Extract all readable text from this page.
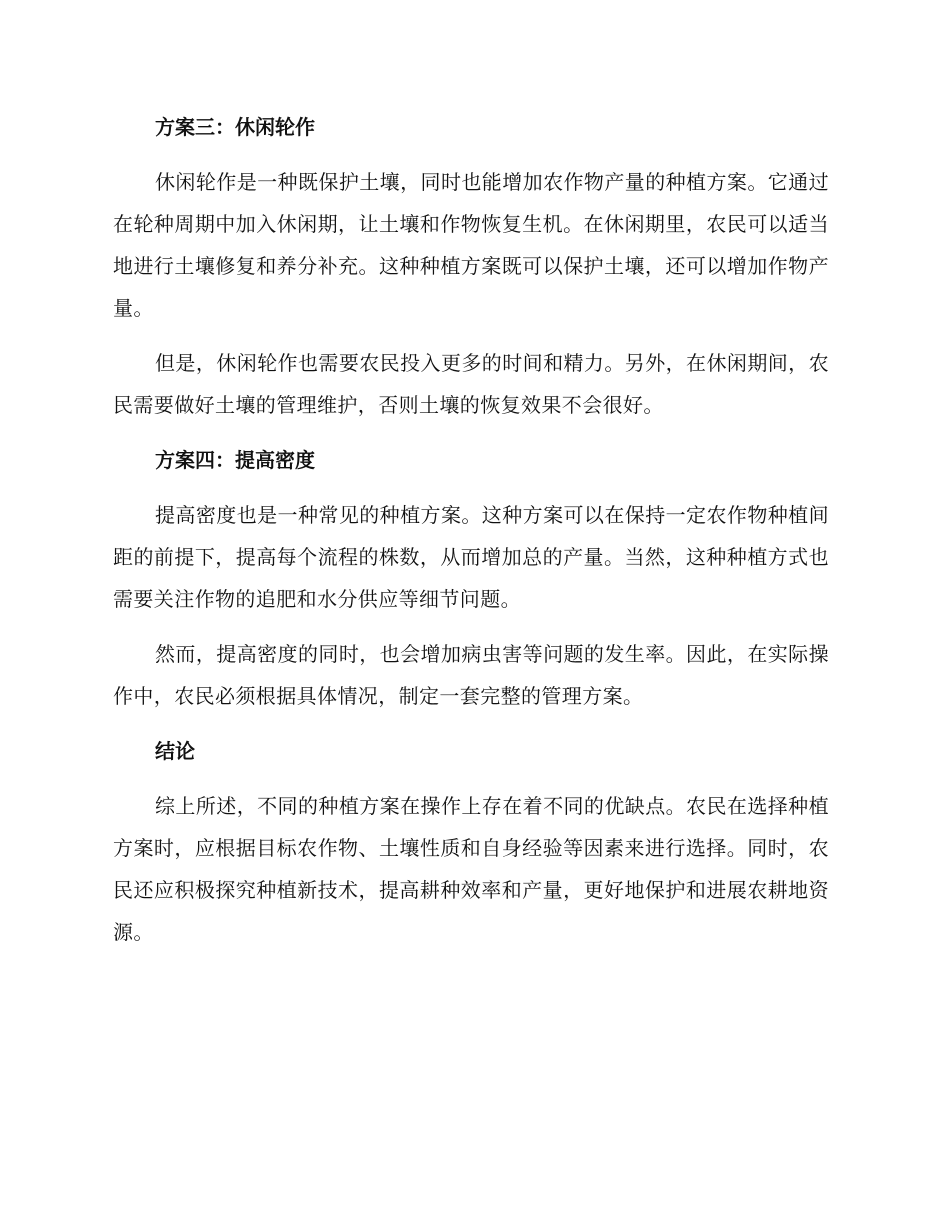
方案三：休闲轮作

休闲轮作是一种既保护土壤，同时也能增加农作物产量的种植方案。它通过在轮种周期中加入休闲期，让土壤和作物恢复生机。在休闲期里，农民可以适当地进行土壤修复和养分补充。这种种植方案既可以保护土壤，还可以增加作物产量。

但是，休闲轮作也需要农民投入更多的时间和精力。另外，在休闲期间，农民需要做好土壤的管理维护，否则土壤的恢复效果不会很好。

方案四：提高密度

提高密度也是一种常见的种植方案。这种方案可以在保持一定农作物种植间距的前提下，提高每个流程的株数，从而增加总的产量。当然，这种种植方式也需要关注作物的追肥和水分供应等细节问题。

然而，提高密度的同时，也会增加病虫害等问题的发生率。因此，在实际操作中，农民必须根据具体情况，制定一套完整的管理方案。

结论

综上所述，不同的种植方案在操作上存在着不同的优缺点。农民在选择种植方案时，应根据目标农作物、土壤性质和自身经验等因素来进行选择。同时，农民还应积极探究种植新技术，提高耕种效率和产量，更好地保护和进展农耕地资源。
